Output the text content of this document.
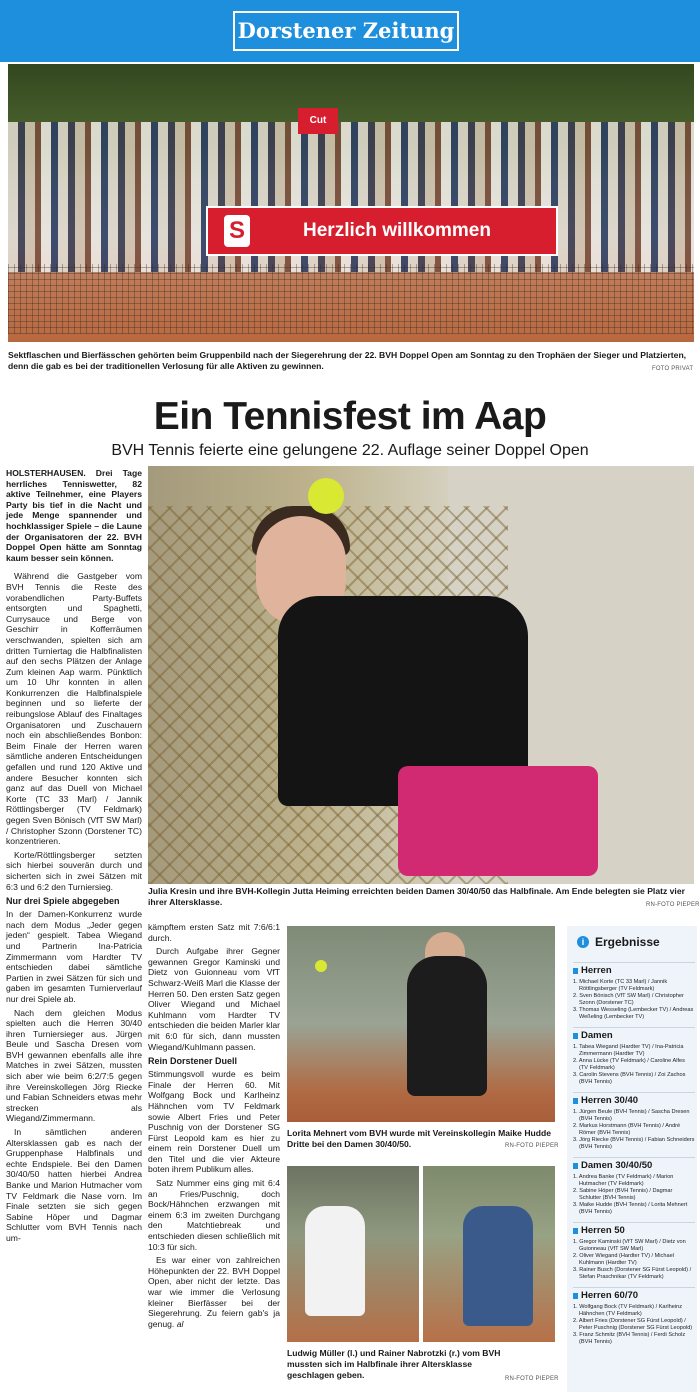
Dorstener Zeitung
Cut
S	Herzlich willkommen
Sektflaschen und Bierfässchen gehörten beim Gruppenbild nach der Siegerehrung der 22. BVH Doppel Open am Sonntag zu den Trophäen der Sieger und Platzierten, denn die gab es bei der traditionellen Verlosung für alle Aktiven zu gewinnen.	FOTO PRIVAT
Ein Tennisfest im Aap
BVH Tennis feierte eine gelungene 22. Auflage seiner Doppel Open

HOLSTERHAUSEN. Drei Tage herrliches Tenniswetter, 82 aktive Teilnehmer, eine Players Party bis tief in die Nacht und jede Menge spannender und hochklassiger Spiele – die Laune der Organisatoren der 22. BVH Doppel Open hätte am Sonntag kaum besser sein können.

Während die Gastgeber vom BVH Tennis die Reste des vorabendlichen Party-Buffets entsorgten und Spaghetti, Currysauce und Berge von Geschirr in Kofferräumen verschwanden, spielten sich am dritten Turniertag die Halbfinalisten auf den sechs Plätzen der Anlage Zum kleinen Aap warm. Pünktlich um 10 Uhr konnten in allen Konkurrenzen die Halbfinalspiele beginnen und so lieferte der reibungslose Ablauf des Finaltages Organisatoren und Zuschauern noch ein abschließendes Bonbon: Beim Finale der Herren waren sämtliche anderen Entscheidungen gefallen und rund 120 Aktive und andere Besucher konnten sich ganz auf das Duell von Michael Korte (TC 33 Marl) / Jannik Röttlingsberger (TV Feldmark) gegen Sven Bönisch (VfT SW Marl) / Christopher Szonn (Dorstener TC) konzentrieren.

Korte/Röttlingsberger setzten sich hierbei souverän durch und sicherten sich in zwei Sätzen mit 6:3 und 6:2 den Turniersieg.

Nur drei Spiele abgegeben

In der Damen-Konkurrenz wurde nach dem Modus „Jeder gegen jeden“ gespielt. Tabea Wiegand und Partnerin Ina-Patricia Zimmermann vom Hardter TV entschieden dabei sämtliche Partien in zwei Sätzen für sich und gaben im gesamten Turnierverlauf nur drei Spiele ab.

Nach dem gleichen Modus spielten auch die Herren 30/40 ihren Turniersieger aus. Jürgen Beule und Sascha Dresen vom BVH gewannen ebenfalls alle ihre Matches in zwei Sätzen, mussten sich aber wie beim 6:2/7:5 gegen ihre Vereinskollegen Jörg Riecke und Fabian Schneiders etwas mehr strecken als Wiegand/Zimmermann.

In sämtlichen anderen Altersklassen gab es nach der Gruppenphase Halbfinals und echte Endspiele. Bei den Damen 30/40/50 hatten hierbei Andrea Banke und Marion Hutmacher vom TV Feldmark die Nase vorn. Im Finale setzten sie sich gegen Sabine Höper und Dagmar Schlutter vom BVH Tennis nach um-

Julia Kresin und ihre BVH-Kollegin Jutta Heiming erreichten beiden Damen 30/40/50 das Halbfinale. Am Ende belegten sie Platz vier ihrer Altersklasse.	RN-FOTO PIEPER

kämpftem ersten Satz mit 7:6/6:1 durch.

Durch Aufgabe ihrer Gegner gewannen Gregor Kaminski und Dietz von Guionneau vom VfT Schwarz-Weiß Marl die Klasse der Herren 50. Den ersten Satz gegen Oliver Wiegand und Michael Kuhlmann vom Hardter TV entschieden die beiden Marler klar mit 6:0 für sich, dann mussten Wiegand/Kuhlmann passen.

Rein Dorstener Duell

Stimmungsvoll wurde es beim Finale der Herren 60. Mit Wolfgang Bock und Karlheinz Hähnchen vom TV Feldmark sowie Albert Fries und Peter Puschnig von der Dorstener SG Fürst Leopold kam es hier zu einem rein Dorstener Duell um den Titel und die vier Akteure boten ihrem Publikum alles.

Satz Nummer eins ging mit 6:4 an Fries/Puschnig, doch Bock/Hähnchen erzwangen mit einem 6:3 im zweiten Durchgang den Matchtiebreak und entschieden diesen schließlich mit 10:3 für sich.

Es war einer von zahlreichen Höhepunkten der 22. BVH Doppel Open, aber nicht der letzte. Das war wie immer die Verlosung kleiner Bierfässer bei der Siegerehrung. Zu feiern gab's ja genug. al

Lorita Mehnert vom BVH wurde mit Vereinskollegin Maike Hudde Dritte bei den Damen 30/40/50.	RN-FOTO PIEPER
Ludwig Müller (l.) und Rainer Nabrotzki (r.) vom BVH mussten sich im Halbfinale ihrer Altersklasse geschlagen geben.	RN-FOTO PIEPER
i Ergebnisse
Herren
1. Michael Korte (TC 33 Marl) / Jannik Röttlingsberger (TV Feldmark)
2. Sven Bönisch (VfT SW Marl) / Christopher Szonn (Dorstener TC)
3. Thomas Wesseling (Lembecker TV) / Andreas Weßeling (Lembecker TV)
Damen
1. Tabea Wiegand (Hardter TV) / Ina-Patricia Zimmermann (Hardter TV)
2. Anna Lücke (TV Feldmark) / Caroline Alfes (TV Feldmark)
3. Carolin Stevens (BVH Tennis) / Zoi Zachos (BVH Tennis)
Herren 30/40
1. Jürgen Beule (BVH Tennis) / Sascha Dresen (BVH Tennis)
2. Markus Horstmann (BVH Tennis) / André Römer (BVH Tennis)
3. Jörg Riecke (BVH Tennis) / Fabian Schneiders (BVH Tennis)
Damen 30/40/50
1. Andrea Banke (TV Feldmark) / Marion Hutmacher (TV Feldmark)
2. Sabine Höper (BVH Tennis) / Dagmar Schlutter (BVH Tennis)
3. Maike Hudde (BVH Tennis) / Lorita Mehnert (BVH Tennis)
Herren 50
1. Gregor Kaminski (VfT SW Marl) / Dietz von Guionneau (VfT SW Marl)
2. Oliver Wiegand (Hardter TV) / Michael Kuhlmann (Hardter TV)
3. Rainer Busch (Dorstener SG Fürst Leopold) / Stefan Praschnikar (TV Feldmark)
Herren 60/70
1. Wolfgang Bock (TV Feldmark) / Karlheinz Hähnchen (TV Feldmark)
2. Albert Fries (Dorstener SG Fürst Leopold) / Peter Puschnig (Dorstener SG Fürst Leopold)
3. Franz Schmitz (BVH Tennis) / Ferdi Scholz (BVH Tennis)
